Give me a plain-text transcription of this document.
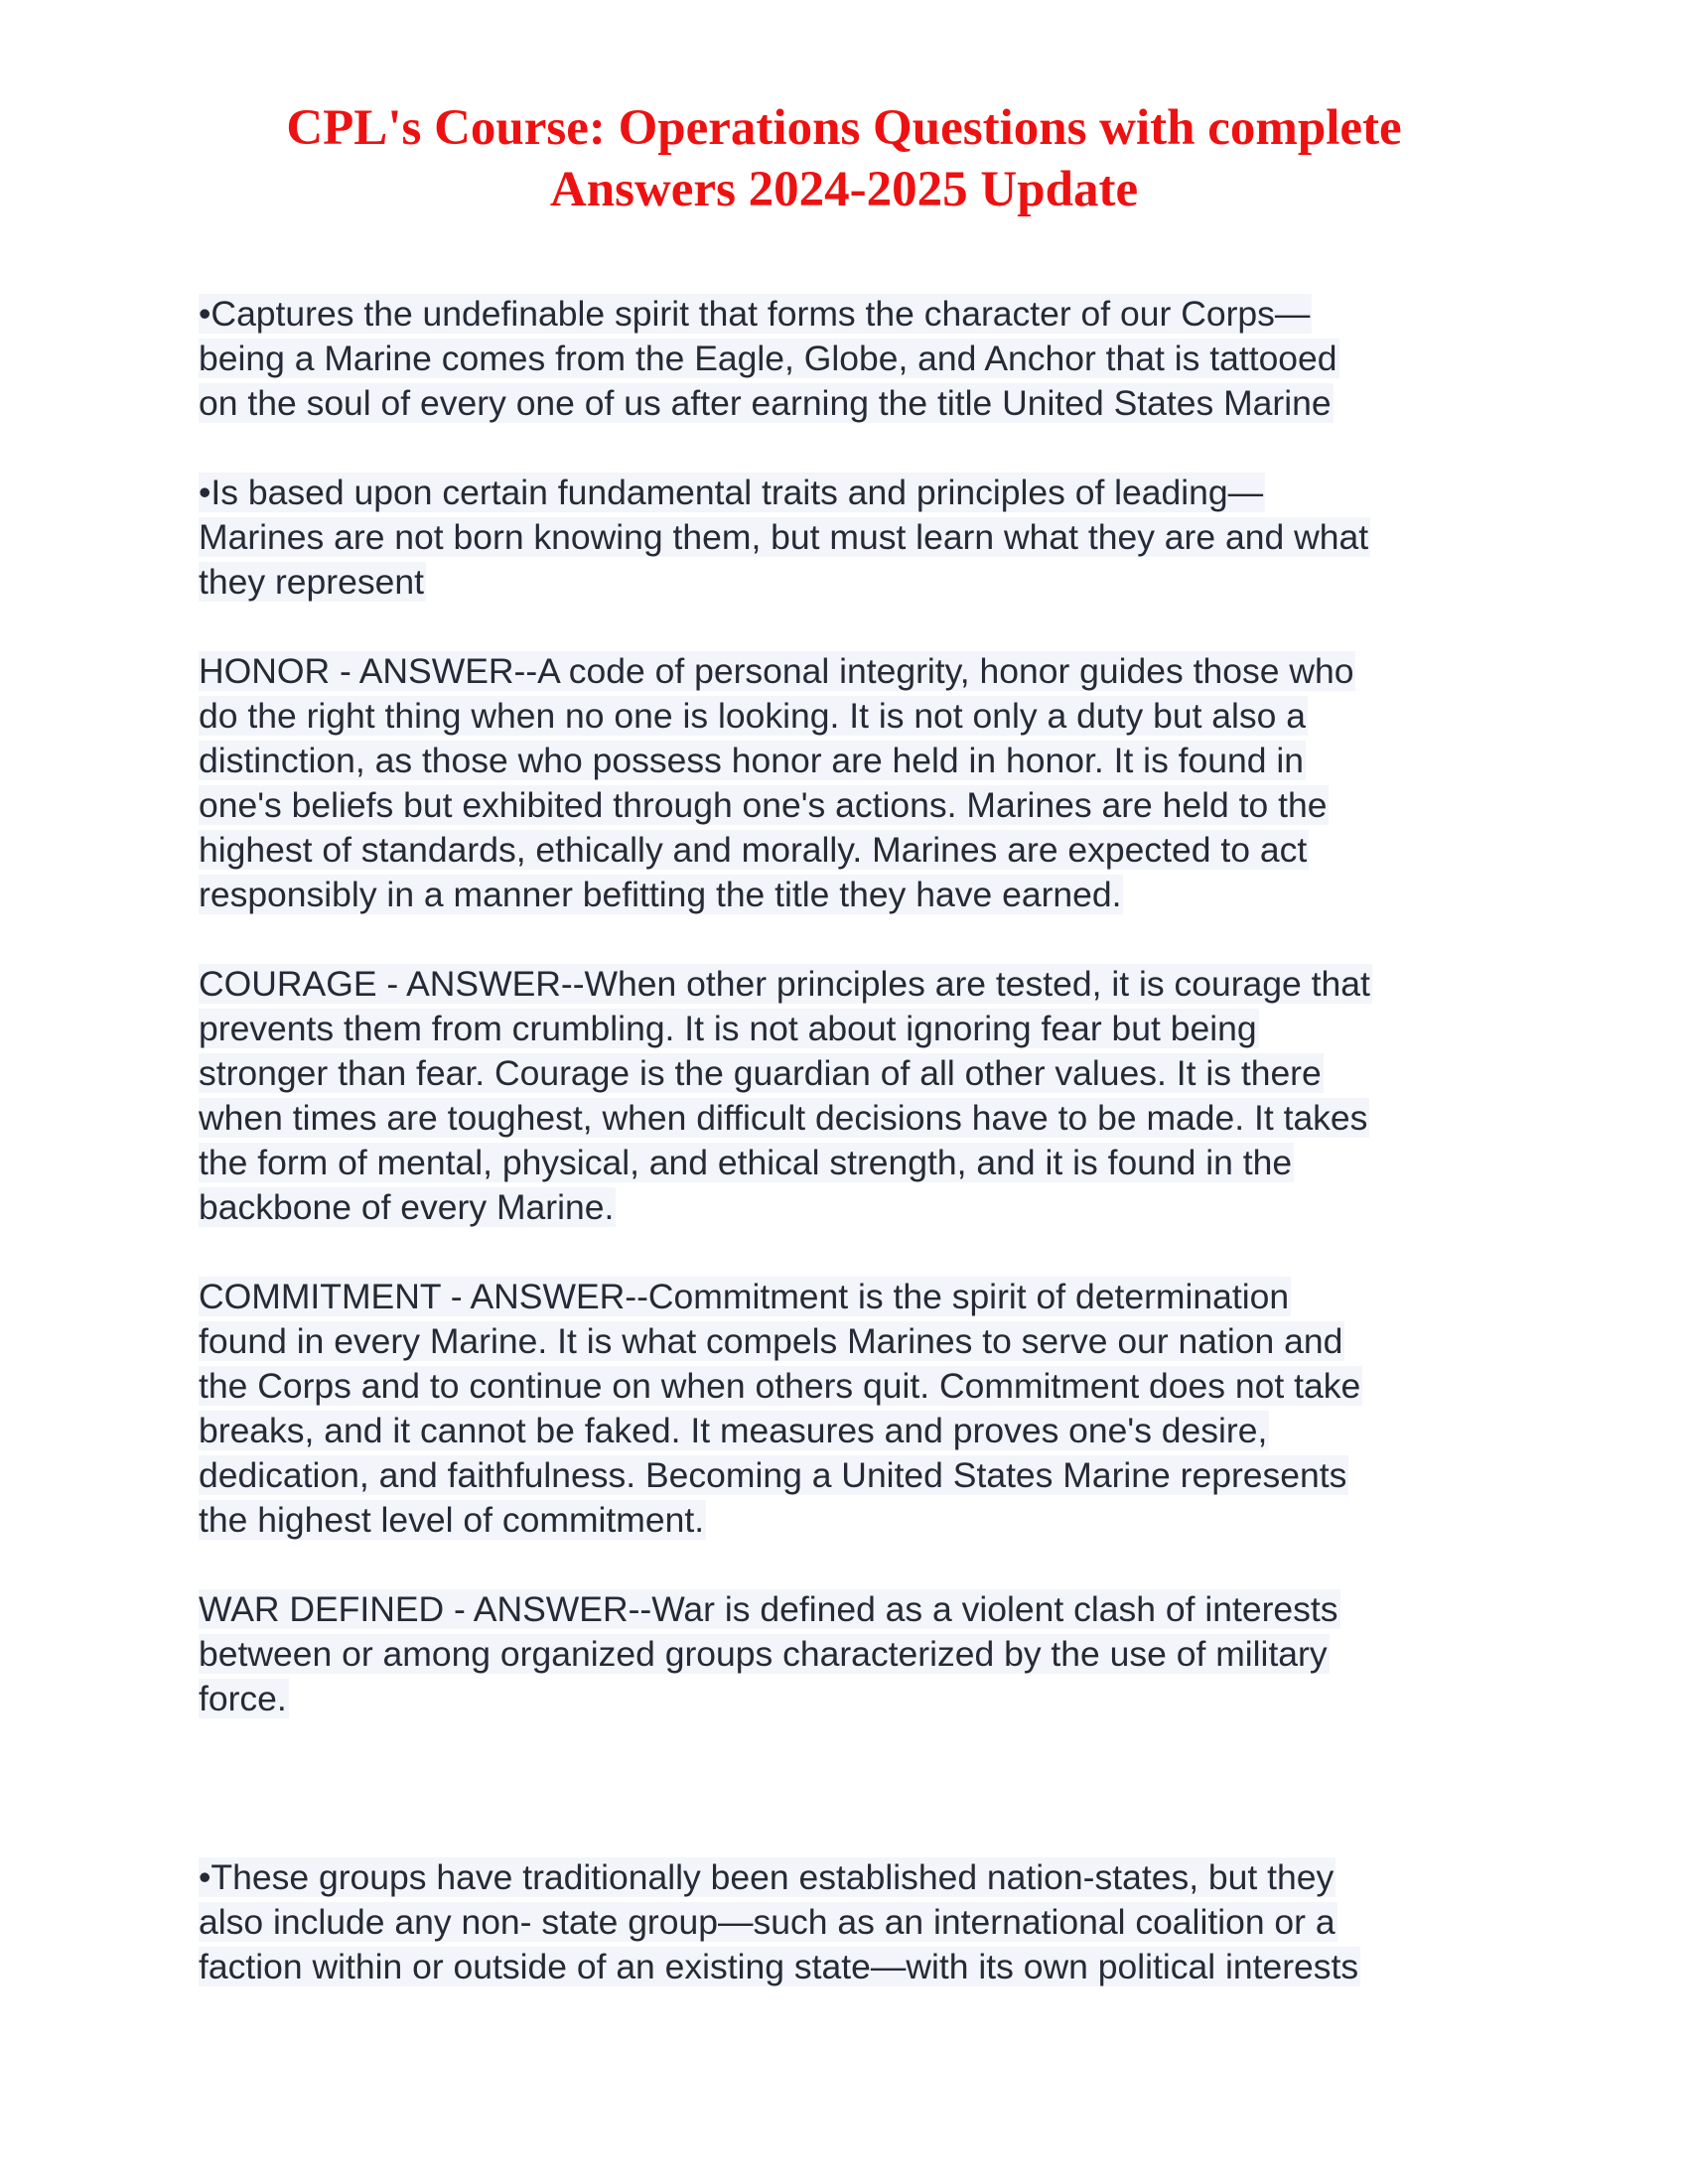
CPL's Course: Operations Questions with complete
Answers 2024-2025 Update

•Captures the undefinable spirit that forms the character of our Corps—
being a Marine comes from the Eagle, Globe, and Anchor that is tattooed
on the soul of every one of us after earning the title United States Marine

•Is based upon certain fundamental traits and principles of leading—
Marines are not born knowing them, but must learn what they are and what
they represent

HONOR - ANSWER--A code of personal integrity, honor guides those who
do the right thing when no one is looking. It is not only a duty but also a
distinction, as those who possess honor are held in honor. It is found in
one's beliefs but exhibited through one's actions. Marines are held to the
highest of standards, ethically and morally. Marines are expected to act
responsibly in a manner befitting the title they have earned.

COURAGE - ANSWER--When other principles are tested, it is courage that
prevents them from crumbling. It is not about ignoring fear but being
stronger than fear. Courage is the guardian of all other values. It is there
when times are toughest, when difficult decisions have to be made. It takes
the form of mental, physical, and ethical strength, and it is found in the
backbone of every Marine.

COMMITMENT - ANSWER--Commitment is the spirit of determination
found in every Marine. It is what compels Marines to serve our nation and
the Corps and to continue on when others quit. Commitment does not take
breaks, and it cannot be faked. It measures and proves one's desire,
dedication, and faithfulness. Becoming a United States Marine represents
the highest level of commitment.

WAR DEFINED - ANSWER--War is defined as a violent clash of interests
between or among organized groups characterized by the use of military
force.

•These groups have traditionally been established nation-states, but they
also include any non- state group—such as an international coalition or a
faction within or outside of an existing state—with its own political interests
